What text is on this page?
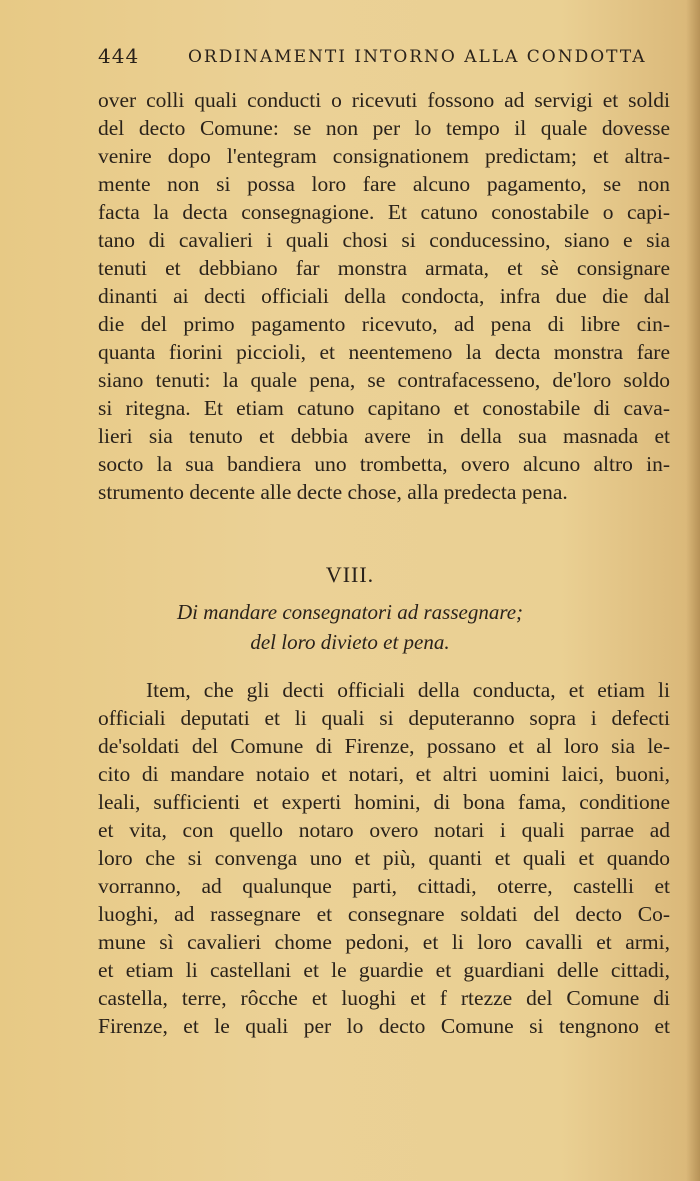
444	ORDINAMENTI INTORNO ALLA CONDOTTA
over colli quali conducti o ricevuti fossono ad servigi et soldi
del decto Comune: se non per lo tempo il quale dovesse
venire dopo l'entegram consignationem predictam; et altra-
mente non si possa loro fare alcuno pagamento, se non
facta la decta consegnagione. Et catuno conostabile o capi-
tano di cavalieri i quali chosi si conducessino, siano e sia
tenuti et debbiano far monstra armata, et sè consignare
dinanti ai decti officiali della condocta, infra due die dal
die del primo pagamento ricevuto, ad pena di libre cin-
quanta fiorini piccioli, et neentemeno la decta monstra fare
siano tenuti: la quale pena, se contrafacesseno, de'loro soldo
si ritegna. Et etiam catuno capitano et conostabile di cava-
lieri sia tenuto et debbia avere in della sua masnada et
socto la sua bandiera uno trombetta, overo alcuno altro in-
strumento decente alle decte chose, alla predecta pena.
VIII.
Di mandare consegnatori ad rassegnare;
del loro divieto et pena.
Item, che gli decti officiali della conducta, et etiam li
officiali deputati et li quali si deputeranno sopra i defecti
de'soldati del Comune di Firenze, possano et al loro sia le-
cito di mandare notaio et notari, et altri uomini laici, buoni,
leali, sufficienti et experti homini, di bona fama, conditione
et vita, con quello notaro overo notari i quali parrae ad
loro che si convenga uno et più, quanti et quali et quando
vorranno, ad qualunque parti, cittadi, oterre, castelli et
luoghi, ad rassegnare et consegnare soldati del decto Co-
mune sì cavalieri chome pedoni, et li loro cavalli et armi,
et etiam li castellani et le guardie et guardiani delle cittadi,
castella, terre, rôcche et luoghi et f rtezze del Comune di
Firenze, et le quali per lo decto Comune si tengnono et
